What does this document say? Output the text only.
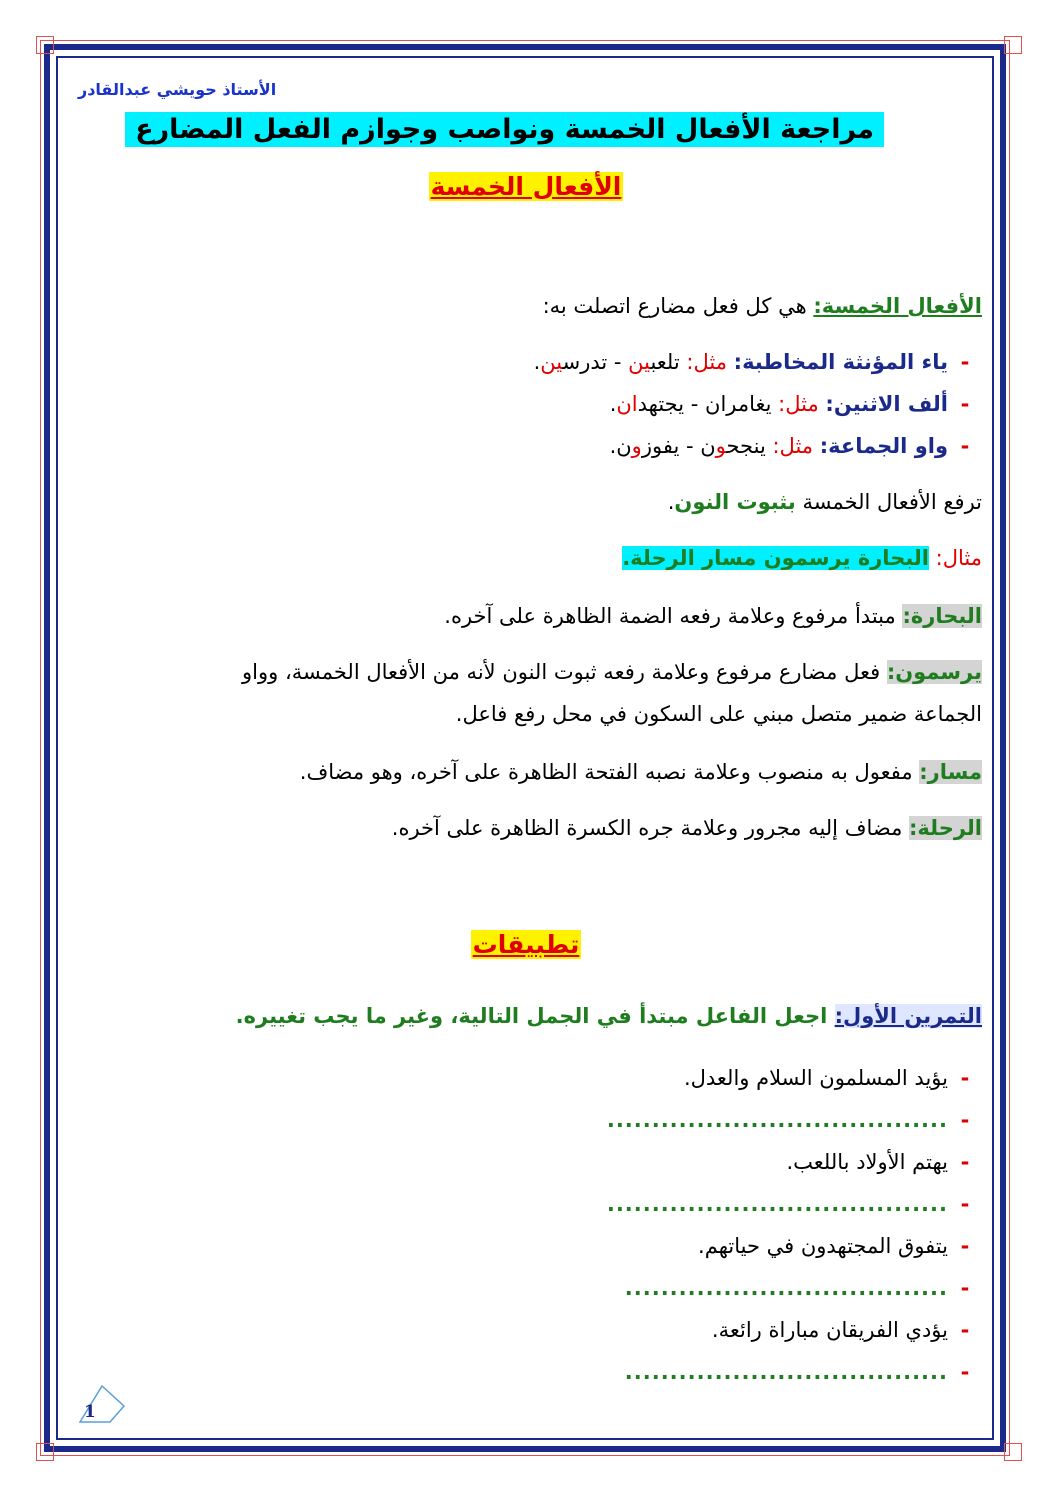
الأستاذ حويشي عبدالقادر
مراجعة الأفعال الخمسة ونواصب وجوازم الفعل المضارع
الأفعال الخمسة
الأفعال الخمسة: هي كل فعل مضارع اتصلت به:
-ياء المؤنثة المخاطبة: مثل: تلعبين - تدرسين.
-ألف الاثنين: مثل: يغامران - يجتهدان.
-واو الجماعة: مثل: ينجحون - يفوزون.
ترفع الأفعال الخمسة بثبوت النون.
مثال: البحارة يرسمون مسار الرحلة.
البحارة: مبتدأ مرفوع وعلامة رفعه الضمة الظاهرة على آخره.
يرسمون: فعل مضارع مرفوع وعلامة رفعه ثبوت النون لأنه من الأفعال الخمسة، وواو
الجماعة ضمير متصل مبني على السكون في محل رفع فاعل.
مسار: مفعول به منصوب وعلامة نصبه الفتحة الظاهرة على آخره، وهو مضاف.
الرحلة: مضاف إليه مجرور وعلامة جره الكسرة الظاهرة على آخره.
تطبيقات
التمرين الأول: اجعل الفاعل مبتدأ في الجمل التالية، وغير ما يجب تغييره.
-يؤيد المسلمون السلام والعدل.
-......................................
-يهتم الأولاد باللعب.
-......................................
-يتفوق المجتهدون في حياتهم.
-....................................
-يؤدي الفريقان مباراة رائعة.
-....................................
1
